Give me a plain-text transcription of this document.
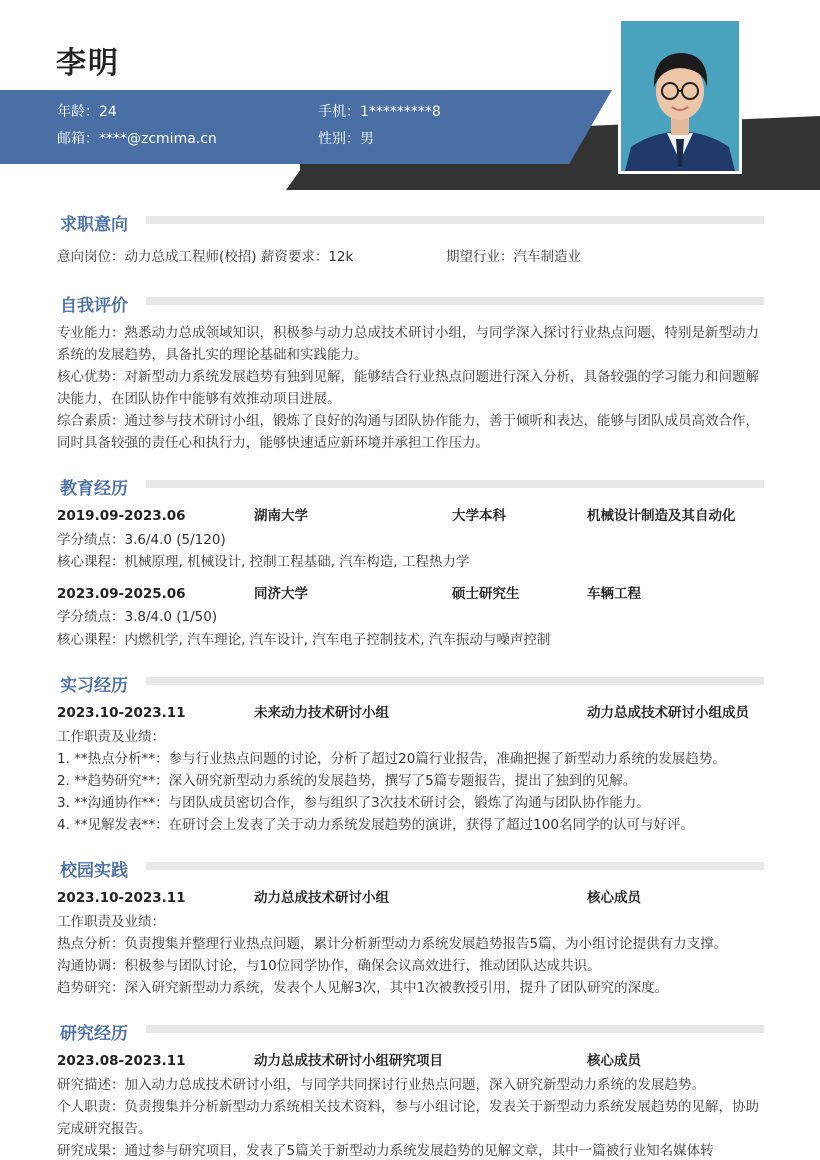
李明
年龄：24	手机：1*********8
邮箱：****@zcmima.cn	性别：男
求职意向
意向岗位：动力总成工程师(校招) 薪资要求：12k	期望行业：汽车制造业
自我评价
专业能力：熟悉动力总成领域知识，积极参与动力总成技术研讨小组，与同学深入探讨行业热点问题，特别是新型动力系统的发展趋势，具备扎实的理论基础和实践能力。
核心优势：对新型动力系统发展趋势有独到见解，能够结合行业热点问题进行深入分析，具备较强的学习能力和问题解决能力，在团队协作中能够有效推动项目进展。
综合素质：通过参与技术研讨小组，锻炼了良好的沟通与团队协作能力，善于倾听和表达，能够与团队成员高效合作，同时具备较强的责任心和执行力，能够快速适应新环境并承担工作压力。
教育经历
2019.09-2023.06	湖南大学	大学本科	机械设计制造及其自动化
学分绩点：3.6/4.0 (5/120)
核心课程：机械原理, 机械设计, 控制工程基础, 汽车构造, 工程热力学
2023.09-2025.06	同济大学	硕士研究生	车辆工程
学分绩点：3.8/4.0 (1/50)
核心课程：内燃机学, 汽车理论, 汽车设计, 汽车电子控制技术, 汽车振动与噪声控制
实习经历
2023.10-2023.11	未来动力技术研讨小组	动力总成技术研讨小组成员
工作职责及业绩：
1. **热点分析**：参与行业热点问题的讨论，分析了超过20篇行业报告，准确把握了新型动力系统的发展趋势。
2. **趋势研究**：深入研究新型动力系统的发展趋势，撰写了5篇专题报告，提出了独到的见解。
3. **沟通协作**：与团队成员密切合作，参与组织了3次技术研讨会，锻炼了沟通与团队协作能力。
4. **见解发表**：在研讨会上发表了关于动力系统发展趋势的演讲，获得了超过100名同学的认可与好评。
校园实践
2023.10-2023.11	动力总成技术研讨小组	核心成员
工作职责及业绩：
热点分析：负责搜集并整理行业热点问题，累计分析新型动力系统发展趋势报告5篇，为小组讨论提供有力支撑。
沟通协调：积极参与团队讨论，与10位同学协作，确保会议高效进行，推动团队达成共识。
趋势研究：深入研究新型动力系统，发表个人见解3次，其中1次被教授引用，提升了团队研究的深度。
研究经历
2023.08-2023.11	动力总成技术研讨小组研究项目	核心成员
研究描述：加入动力总成技术研讨小组，与同学共同探讨行业热点问题，深入研究新型动力系统的发展趋势。
个人职责：负责搜集并分析新型动力系统相关技术资料，参与小组讨论，发表关于新型动力系统发展趋势的见解，协助完成研究报告。
研究成果：通过参与研究项目，发表了5篇关于新型动力系统发展趋势的见解文章，其中一篇被行业知名媒体转
